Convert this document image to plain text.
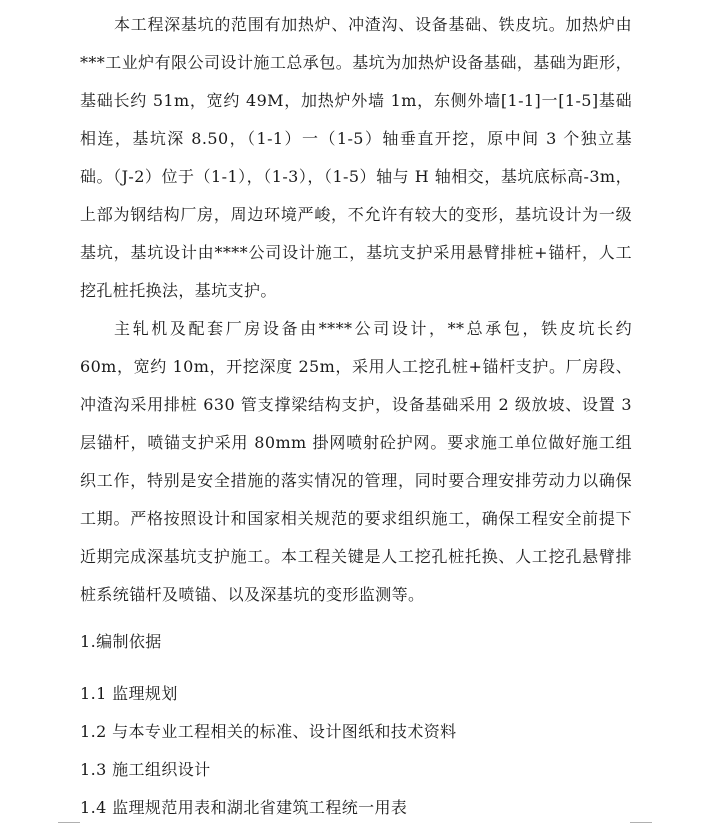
本工程深基坑的范围有加热炉、冲渣沟、设备基础、铁皮坑。加热炉由***工业炉有限公司设计施工总承包。基坑为加热炉设备基础，基础为距形，基础长约 51m，宽约 49M，加热炉外墙 1m，东侧外墙[1-1]一[1-5]基础相连，基坑深 8.50，（1-1）一（1-5）轴垂直开挖，原中间 3 个独立基础。（J-2）位于（1-1），（1-3），（1-5）轴与 H 轴相交，基坑底标高-3m，上部为钢结构厂房，周边环境严峻，不允许有较大的变形，基坑设计为一级基坑，基坑设计由****公司设计施工，基坑支护采用悬臂排桩+锚杆，人工挖孔桩托换法，基坑支护。

主轧机及配套厂房设备由****公司设计，**总承包，铁皮坑长约 60m，宽约 10m，开挖深度 25m，采用人工挖孔桩+锚杆支护。厂房段、冲渣沟采用排桩 630 管支撑梁结构支护，设备基础采用 2 级放坡、设置 3 层锚杆，喷锚支护采用 80mm 掛网喷射砼护网。要求施工单位做好施工组织工作，特别是安全措施的落实情况的管理，同时要合理安排劳动力以确保工期。严格按照设计和国家相关规范的要求组织施工，确保工程安全前提下近期完成深基坑支护施工。本工程关键是人工挖孔桩托换、人工挖孔悬臂排桩系统锚杆及喷锚、以及深基坑的变形监测等。

1.编制依据

1.1 监理规划

1.2 与本专业工程相关的标准、设计图纸和技术资料

1.3 施工组织设计

1.4 监理规范用表和湖北省建筑工程统一用表
